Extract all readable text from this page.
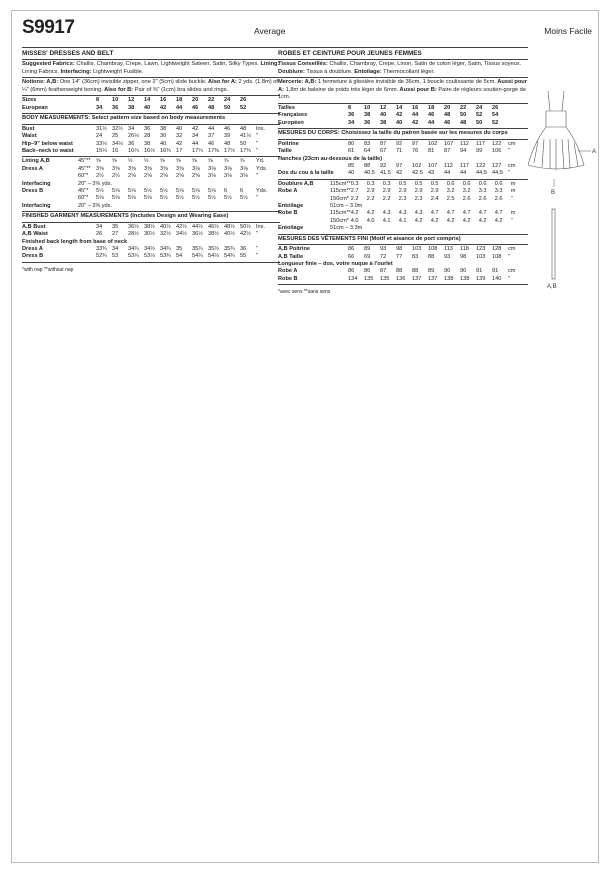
S9917	Average	Moins Facile
MISSES' DRESSES AND BELT

Suggested Fabrics: Challis, Chambray, Crepe, Lawn, Lightweight Sateen, Satin, Silky Types. Lining: Lining Fabrics. Interfacing: Lightweight Fusible.

Notions: A,B: One 14" (36cm) invisible zipper, one 2" (5cm) slide buckle. Also for A: 2 yds. (1.8m) of ¼" (6mm) featherweight boning. Also for B: Pair of ⅜" (1cm) bra slides and rings.

Sizes	8	10	12	14	16	18	20	22	24	26
European	34	36	38	40	42	44	46	48	50	52
BODY MEASUREMENTS: Select pattern size based on body measurements
Bust	31½	32½	34	36	38	40	42	44	46	48	Ins.
Waist	24	25	26½	28	30	32	34	37	39	41½	"
Hip–9" below waist	33½	34½	36	38	40	42	44	46	48	50	"
Back–neck to waist	15¼	16	16¼	16½	16¾	17	17¼	17⅜	17½	17¾	"
Lining A,B	45"**	⅝	⅝	½	½	⅝	⅝	⅝	⅝	¾	¾	Yd.
Dress A	45"**	3⅝	3⅝	3⅝	3⅝	3⅝	3⅝	3⅛	3⅛	3⅛	3⅛	Yds.
	60"*	2½	2½	2⅝	2⅝	2⅝	2⅝	2⅝	3⅛	3⅛	3⅛	"
Interfacing	20" – 3⅜ yds.											
Dress B	45"*	5½	5⅛	5⅛	5½	5½	5⅛	5⅛	5⅛	6	6	Yds.
	60"*	5⅛	5⅛	5⅛	5⅛	5½	5½	5½	5½	5½	5½	"
Interfacing	20" – 3⅜ yds.											
FINISHED GARMENT MEASUREMENTS (Includes Design and Wearing Ease)
A,B Bust	34	35	36½	38½	40½	42½	44½	46½	48½	50½	Ins.
A,B Waist	26	27	28½	30½	32½	34½	36½	38½	40½	42½	"
Finished back length from base of neck											
Dress A	33¾	34	34¼	34½	34¾	35	35¼	35½	35¾	36	"
Dress B	52¾	53	53¼	53½	53¾	54	54¼	54½	54¾	55	"
*with nap **without nap
ROBES ET CEINTURE POUR JEUNES FEMMES

Tissus Conseillés: Challis, Chambray, Crepe, Linon, Satin de coton léger, Satin, Tissus soyeux. Doublure: Tissus à doublure. Entoilage: Thermocollant léger.

Mercerie: A,B: 1 fermeture à glissière invisible de 36cm, 1 boucle coulissante de 5cm. Aussi pour A: 1,8m de baleine de poids très léger de 6mm. Aussi pour B: Paire de régleurs soutien-gorge de 1cm.

Tailles	8	10	12	14	16	18	20	22	24	26
Françaises	36	38	40	42	44	46	48	50	52	54
Européen	34	36	38	40	42	44	46	48	50	52
MESURES DU CORPS: Choisissez la taille du patron basée sur les mesures du corps
Poitrine	80	83	87	92	97	102	107	112	117	122	cm
Taille	61	64	67	71	76	81	87	94	99	106	"
Hanches (23cm au-dessous de la taille)											
	85	88	92	97	102	107	112	117	122	127	cm
Dos du cou à la taille	40	40.5	41.5	42	42.5	43	44	44	44.5	44.5	"
Doublure A,B	115cm**	0.3	0.3	0.3	0.5	0.5	0.5	0.6	0.6	0.6	0.6	m
Robe A	115cm**	2.7	2.9	2.9	2.9	2.9	2.9	3.2	3.2	3.3	3.3	m
	150cm*	2.2	2.2	2.2	2.3	2.3	2.4	2.5	2.6	2.6	2.6	"
Entoilage	51cm – 3.0m											
Robe B	115cm**	4.2	4.2	4.3	4.3	4.3	4.7	4.7	4.7	4.7	4.7	m
	150cm*	4.0	4.0	4.1	4.1	4.2	4.2	4.2	4.2	4.2	4.2	"
Entoilage	51cm – 3.3m											
MESURES DES VÊTEMENTS FINI (Motif et aisance de port compris)
A,B Poitrine	86	89	93	98	103	108	113	118	123	128	cm
A,B Taille	66	69	72	77	83	88	93	98	103	108	"
Longueur finie – dos, votre nuque à l'ourlet											
Robe A	86	86	87	88	88	89	90	90	91	91	cm
Robe B	134	135	135	136	137	137	138	138	139	140	"
*avec sens **sans sens
A
B
A,B
